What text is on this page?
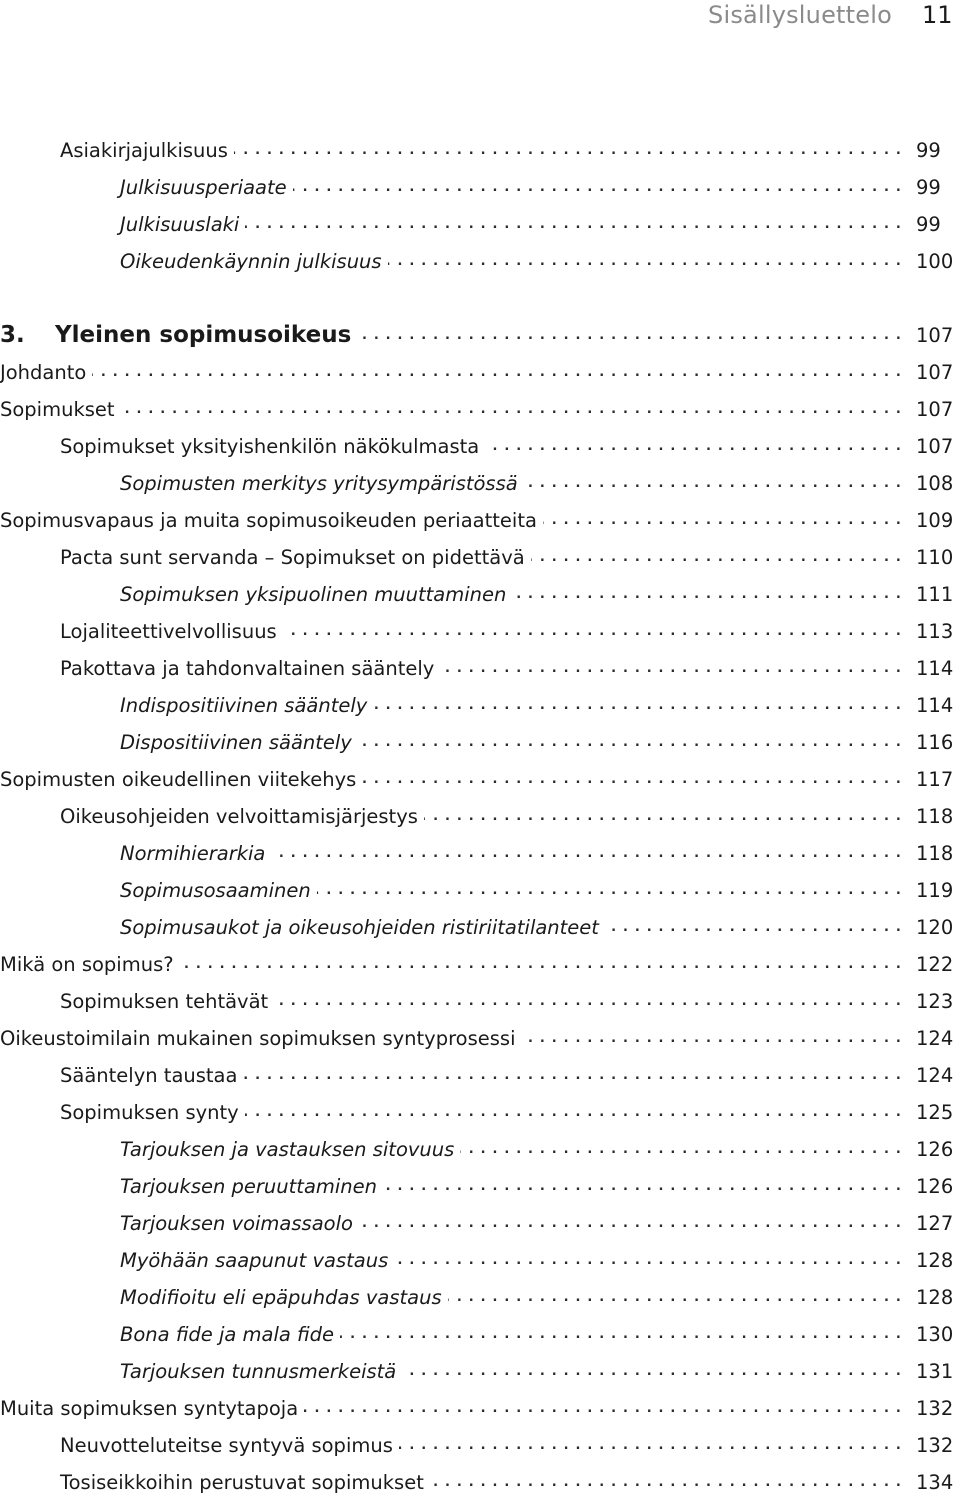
Sisällysluettelo 11
Asiakirjajulkisuus . . .	99
Julkisuusperiaate . . .	99
Julkisuuslaki . . .	99
Oikeudenkäynnin julkisuus . . .	100
3. Yleinen sopimusoikeus . . .	107
Johdanto . . .	107
Sopimukset . . .	107
Sopimukset yksityishenkilön näkökulmasta . . .	107
Sopimusten merkitys yritysympäristössä . . .	108
Sopimusvapaus ja muita sopimusoikeuden periaatteita . . .	109
Pacta sunt servanda – Sopimukset on pidettävä . . .	110
Sopimuksen yksipuolinen muuttaminen . . .	111
Lojaliteettivelvollisuus . . .	113
Pakottava ja tahdonvaltainen sääntely . . .	114
Indispositiivinen sääntely . . .	114
Dispositiivinen sääntely . . .	116
Sopimusten oikeudellinen viitekehys . . .	117
Oikeusohjeiden velvoittamisjärjestys . . .	118
Normihierarkia . . .	118
Sopimusosaaminen . . .	119
Sopimusaukot ja oikeusohjeiden ristiriitatilanteet . . .	120
Mikä on sopimus? . . .	122
Sopimuksen tehtävät . . .	123
Oikeustoimilain mukainen sopimuksen syntyprosessi . . .	124
Sääntelyn taustaa . . .	124
Sopimuksen synty . . .	125
Tarjouksen ja vastauksen sitovuus . . .	126
Tarjouksen peruuttaminen . . .	126
Tarjouksen voimassaolo . . .	127
Myöhään saapunut vastaus . . .	128
Modifioitu eli epäpuhdas vastaus . . .	128
Bona fide ja mala fide . . .	130
Tarjouksen tunnusmerkeistä . . .	131
Muita sopimuksen syntytapoja . . .	132
Neuvotteluteitse syntyvä sopimus . . .	132
Tosiseikkoihin perustuvat sopimukset . . .	134
